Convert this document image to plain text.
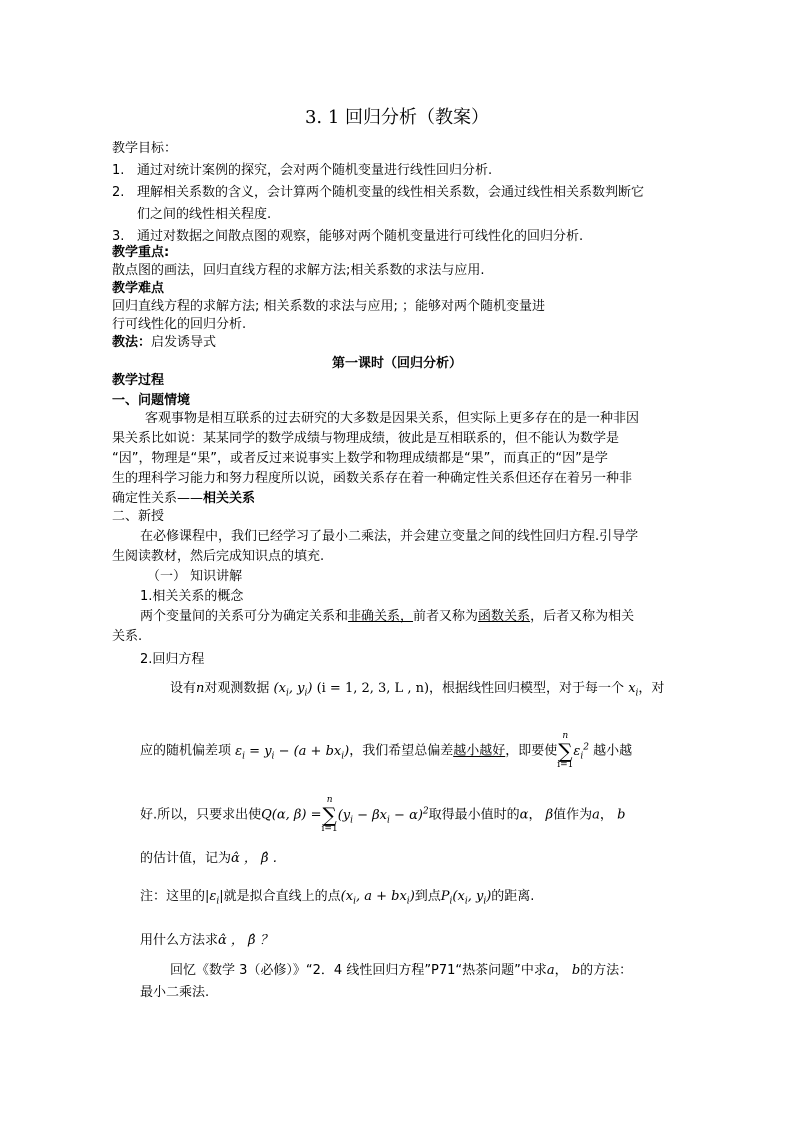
3. 1 回归分析（教案）
教学目标：
1. 通过对统计案例的探究，会对两个随机变量进行线性回归分析.
2. 理解相关系数的含义，会计算两个随机变量的线性相关系数，会通过线性相关系数判断它
们之间的线性相关程度.
3. 通过对数据之间散点图的观察，能够对两个随机变量进行可线性化的回归分析.
教学重点:
散点图的画法，回归直线方程的求解方法;相关系数的求法与应用.
教学难点
回归直线方程的求解方法; 相关系数的求法与应用; ；能够对两个随机变量进
行可线性化的回归分析.
教法：启发诱导式
第一课时（回归分析）
教学过程
一、问题情境
客观事物是相互联系的过去研究的大多数是因果关系，但实际上更多存在的是一种非因
果关系比如说：某某同学的数学成绩与物理成绩，彼此是互相联系的，但不能认为数学是
“因”，物理是“果”，或者反过来说事实上数学和物理成绩都是“果”，而真正的“因”是学
生的理科学习能力和努力程度所以说，函数关系存在着一种确定性关系但还存在着另一种非
确定性关系——相关关系
二、新授
在必修课程中，我们已经学习了最小二乘法，并会建立变量之间的线性回归方程.引导学
生阅读教材，然后完成知识点的填充.
（一） 知识讲解
1.相关关系的概念
两个变量间的关系可分为确定关系和非确关系，前者又称为函数关系，后者又称为相关
关系.
2.回归方程
设有n对观测数据 ($x_i$, $y_i$) (i = 1, 2, 3, L , n)，根据线性回归模型，对于每一个 $x_i$，对
应的随机偏差项 $\varepsilon_i = y_i - (a + bx_i)$，我们希望总偏差越小越好，即要使
n
∑
i=1
$\varepsilon_i^2$ 越小越
好.所以，只要求出使Q(α, β) =
n
∑
i=1
$(y_i - \beta x_i - \alpha)^2$取得最小值时的α， β值作为a， b
的估计值，记为ɑ̂ ， β̂ .
注：这里的$|\varepsilon_i|$就是拟合直线上的点($x_i$, $a + bx_i$)到点$P_i(x_i$, $y_i$)的距离.
用什么方法求ɑ̂ ， β̂ ？
回忆《数学 3（必修）》“2．4 线性回归方程”P71“热茶问题”中求a， b的方法：
最小二乘法.
